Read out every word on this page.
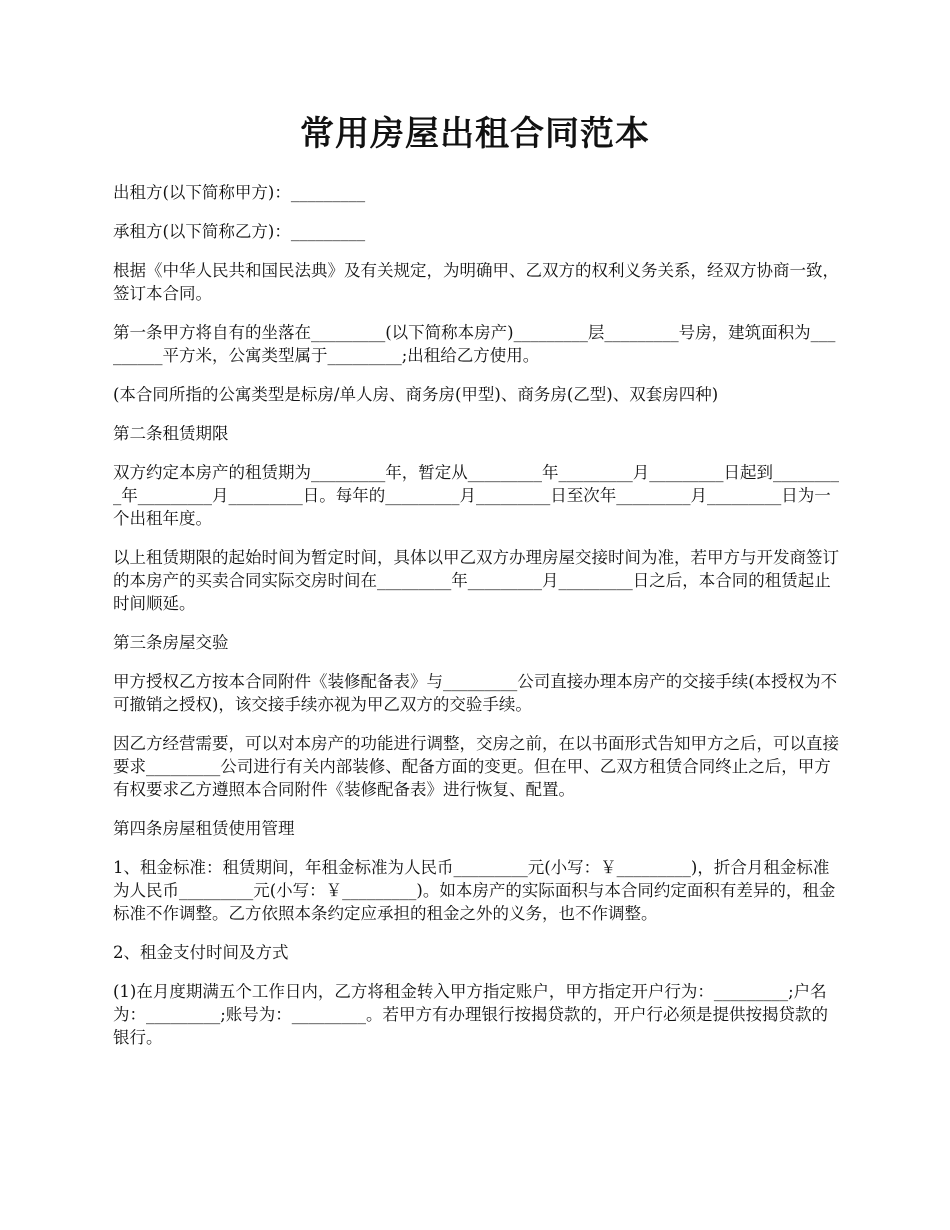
常用房屋出租合同范本

出租方(以下简称甲方)：_________

承租方(以下简称乙方)：_________

根据《中华人民共和国民法典》及有关规定，为明确甲、乙双方的权利义务关系，经双方协商一致，签订本合同。

第一条甲方将自有的坐落在_________(以下简称本房产)_________层_________号房，建筑面积为_________平方米，公寓类型属于_________;出租给乙方使用。

(本合同所指的公寓类型是标房/单人房、商务房(甲型)、商务房(乙型)、双套房四种)

第二条租赁期限

双方约定本房产的租赁期为_________年，暂定从_________年_________月_________日起到_________年_________月_________日。每年的_________月_________日至次年_________月_________日为一个出租年度。

以上租赁期限的起始时间为暂定时间，具体以甲乙双方办理房屋交接时间为准，若甲方与开发商签订的本房产的买卖合同实际交房时间在_________年_________月_________日之后，本合同的租赁起止时间顺延。

第三条房屋交验

甲方授权乙方按本合同附件《装修配备表》与_________公司直接办理本房产的交接手续(本授权为不可撤销之授权)，该交接手续亦视为甲乙双方的交验手续。

因乙方经营需要，可以对本房产的功能进行调整，交房之前，在以书面形式告知甲方之后，可以直接要求_________公司进行有关内部装修、配备方面的变更。但在甲、乙双方租赁合同终止之后，甲方有权要求乙方遵照本合同附件《装修配备表》进行恢复、配置。

第四条房屋租赁使用管理

1、租金标准：租赁期间，年租金标准为人民币_________元(小写：￥_________)，折合月租金标准为人民币_________元(小写：￥_________)。如本房产的实际面积与本合同约定面积有差异的，租金标准不作调整。乙方依照本条约定应承担的租金之外的义务，也不作调整。

2、租金支付时间及方式

(1)在月度期满五个工作日内，乙方将租金转入甲方指定账户，甲方指定开户行为：_________;户名为：_________;账号为：_________。若甲方有办理银行按揭贷款的，开户行必须是提供按揭贷款的银行。
